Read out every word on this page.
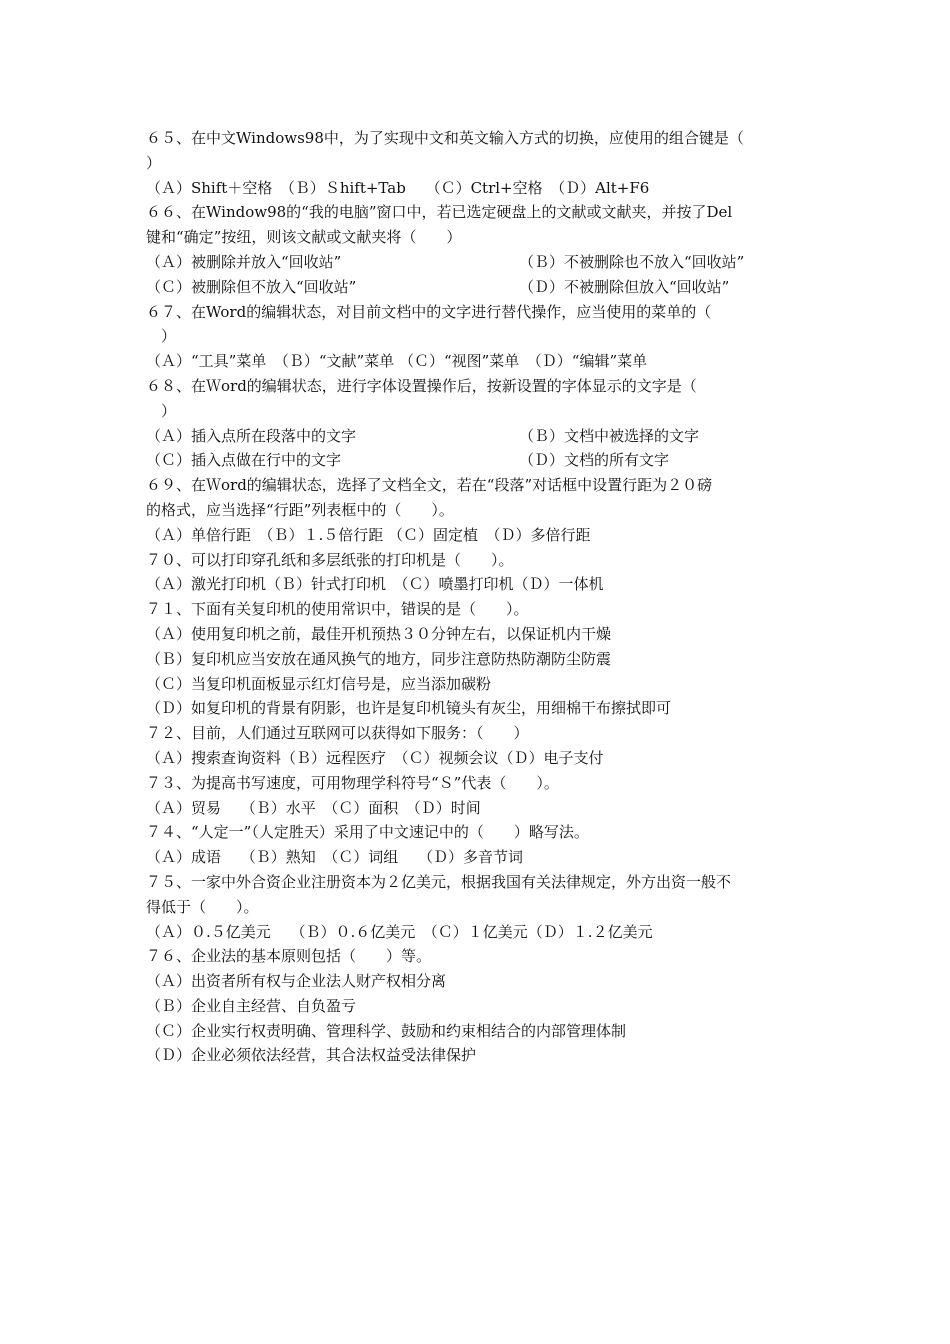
６５、在中文Windows98中，为了实现中文和英文输入方式的切换，应使用的组合键是（
）
（Ａ）Shift＋空格　（Ｂ）Ｓhift+Tab　 （Ｃ）Ctrl+空格　（Ｄ）Alt+F6
６６、在Window98的“我的电脑”窗口中，若已选定硬盘上的文献或文献夹，并按了Del
键和“确定”按纽，则该文献或文献夹将（　　）
（Ａ）被删除并放入“回收站”	（Ｂ）不被删除也不放入“回收站”
（Ｃ）被删除但不放入“回收站”	（Ｄ）不被删除但放入“回收站”
６７、在Word的编辑状态，对目前文档中的文字进行替代操作，应当使用的菜单的（
　）
（Ａ）“工具”菜单　（Ｂ）“文献”菜单 （Ｃ）“视图”菜单　（Ｄ）“编辑”菜单
６８、在Ｗord的编辑状态，进行字体设置操作后，按新设置的字体显示的文字是（
　）
（Ａ）插入点所在段落中的文字	（Ｂ）文档中被选择的文字
（Ｃ）插入点做在行中的文字	（Ｄ）文档的所有文字
６９、在Ｗord的编辑状态，选择了文档全文，若在“段落”对话框中设置行距为２０磅
的格式，应当选择“行距”列表框中的（　　）。
（Ａ）单倍行距　（Ｂ）１.５倍行距 （Ｃ）固定植　（Ｄ）多倍行距
７０、可以打印穿孔纸和多层纸张的打印机是（　　）。
（Ａ）激光打印机（Ｂ）针式打印机　（Ｃ）喷墨打印机（Ｄ）一体机
７１、下面有关复印机的使用常识中，错误的是（　　）。
（Ａ）使用复印机之前，最佳开机预热３０分钟左右，以保证机内干燥
（Ｂ）复印机应当安放在通风换气的地方，同步注意防热防潮防尘防震
（Ｃ）当复印机面板显示红灯信号是，应当添加碳粉
（Ｄ）如复印机的背景有阴影，也许是复印机镜头有灰尘，用细棉干布擦拭即可
７２、目前，人们通过互联网可以获得如下服务：（　　）
（Ａ）搜索查询资料（Ｂ）远程医疗　（Ｃ）视频会议（Ｄ）电子支付
７３、为提高书写速度，可用物理学科符号“Ｓ”代表（　　）。
（Ａ）贸易　 （Ｂ）水平　（Ｃ）面积　（Ｄ）时间
７４、“人定一”（人定胜天）采用了中文速记中的（　　）略写法。
（Ａ）成语　 （Ｂ）熟知　（Ｃ）词组　 （Ｄ）多音节词
７５、一家中外合资企业注册资本为２亿美元，根据我国有关法律规定，外方出资一般不
得低于（　　）。
（Ａ）０.５亿美元　 （Ｂ）０.６亿美元　（Ｃ）１亿美元（Ｄ）１.２亿美元
７６、企业法的基本原则包括（　　）等。
（Ａ）出资者所有权与企业法人财产权相分离
（Ｂ）企业自主经营、自负盈亏
（Ｃ）企业实行权责明确、管理科学、鼓励和约束相结合的内部管理体制
（Ｄ）企业必须依法经营，其合法权益受法律保护
